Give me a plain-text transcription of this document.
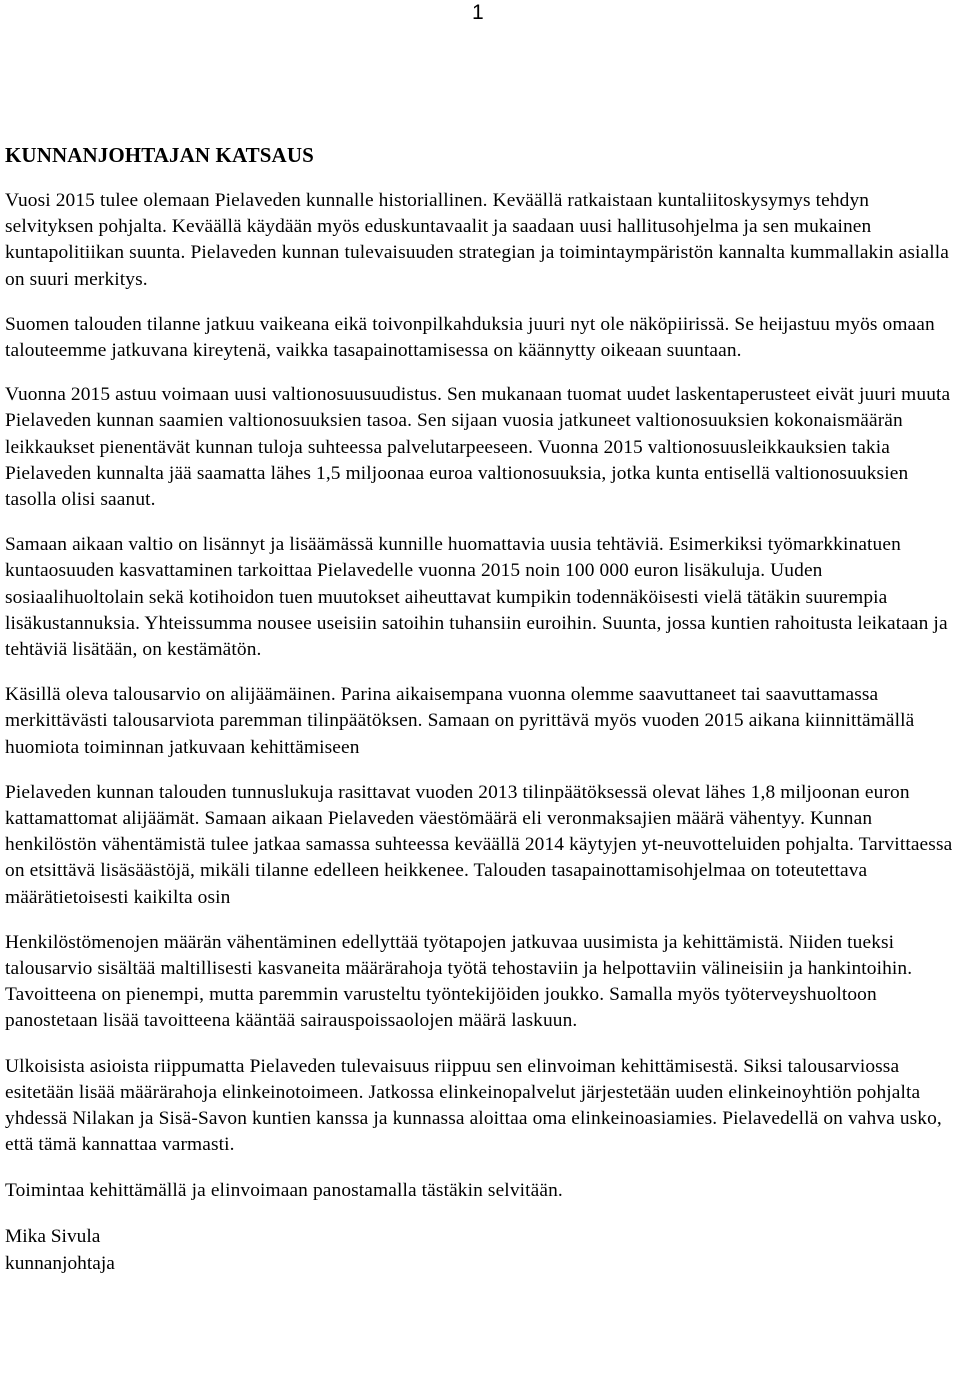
1
KUNNANJOHTAJAN KATSAUS

Vuosi 2015 tulee olemaan Pielaveden kunnalle historiallinen. Keväällä ratkaistaan kuntaliitoskysymys tehdyn selvityksen pohjalta. Keväällä käydään myös eduskuntavaalit ja saadaan uusi hallitusohjelma ja sen mukainen kuntapolitiikan suunta. Pielaveden kunnan tulevaisuuden strategian ja toimintaympäristön kannalta kummallakin asialla on suuri merkitys.

Suomen talouden tilanne jatkuu vaikeana eikä toivonpilkahduksia juuri nyt ole näköpiirissä. Se heijastuu myös omaan talouteemme jatkuvana kireytenä, vaikka tasapainottamisessa on käännytty oikeaan suuntaan.

Vuonna 2015 astuu voimaan uusi valtionosuusuudistus. Sen mukanaan tuomat uudet laskentaperusteet eivät juuri muuta Pielaveden kunnan saamien valtionosuuksien tasoa. Sen sijaan vuosia jatkuneet valtionosuuksien kokonaismäärän leikkaukset pienentävät kunnan tuloja suhteessa palvelutarpeeseen. Vuonna 2015 valtionosuusleikkauksien takia Pielaveden kunnalta jää saamatta lähes 1,5 miljoonaa euroa valtionosuuksia, jotka kunta entisellä valtionosuuksien tasolla olisi saanut.

Samaan aikaan valtio on lisännyt ja lisäämässä kunnille huomattavia uusia tehtäviä. Esimerkiksi työmarkkinatuen kuntaosuuden kasvattaminen tarkoittaa Pielavedelle vuonna 2015 noin 100 000 euron lisäkuluja. Uuden sosiaalihuoltolain sekä kotihoidon tuen muutokset aiheuttavat kumpikin todennäköisesti vielä tätäkin suurempia lisäkustannuksia. Yhteissumma nousee useisiin satoihin tuhansiin euroihin. Suunta, jossa kuntien rahoitusta leikataan ja tehtäviä lisätään, on kestämätön.

Käsillä oleva talousarvio on alijäämäinen. Parina aikaisempana vuonna olemme saavuttaneet tai saavuttamassa merkittävästi talousarviota paremman tilinpäätöksen. Samaan on pyrittävä myös vuoden 2015 aikana kiinnittämällä huomiota toiminnan jatkuvaan kehittämiseen

Pielaveden kunnan talouden tunnuslukuja rasittavat vuoden 2013 tilinpäätöksessä olevat lähes 1,8 miljoonan euron kattamattomat alijäämät. Samaan aikaan Pielaveden väestömäärä eli veronmaksajien määrä vähentyy. Kunnan henkilöstön vähentämistä tulee jatkaa samassa suhteessa keväällä 2014 käytyjen yt-neuvotteluiden pohjalta. Tarvittaessa on etsittävä lisäsäästöjä, mikäli tilanne edelleen heikkenee. Talouden tasapainottamisohjelmaa on toteutettava määrätietoisesti kaikilta osin

Henkilöstömenojen määrän vähentäminen edellyttää työtapojen jatkuvaa uusimista ja kehittämistä. Niiden tueksi talousarvio sisältää maltillisesti kasvaneita määrärahoja työtä tehostaviin ja helpottaviin välineisiin ja hankintoihin. Tavoitteena on pienempi, mutta paremmin varusteltu työntekijöiden joukko. Samalla myös työterveyshuoltoon panostetaan lisää tavoitteena kääntää sairauspoissaolojen määrä laskuun.

Ulkoisista asioista riippumatta Pielaveden tulevaisuus riippuu sen elinvoiman kehittämisestä. Siksi talousarviossa esitetään lisää määrärahoja elinkeinotoimeen. Jatkossa elinkeinopalvelut järjestetään uuden elinkeinoyhtiön pohjalta yhdessä Nilakan ja Sisä-Savon kuntien kanssa ja kunnassa aloittaa oma elinkeinoasiamies. Pielavedellä on vahva usko, että tämä kannattaa varmasti.

Toimintaa kehittämällä ja elinvoimaan panostamalla tästäkin selvitään.

Mika Sivula
kunnanjohtaja
